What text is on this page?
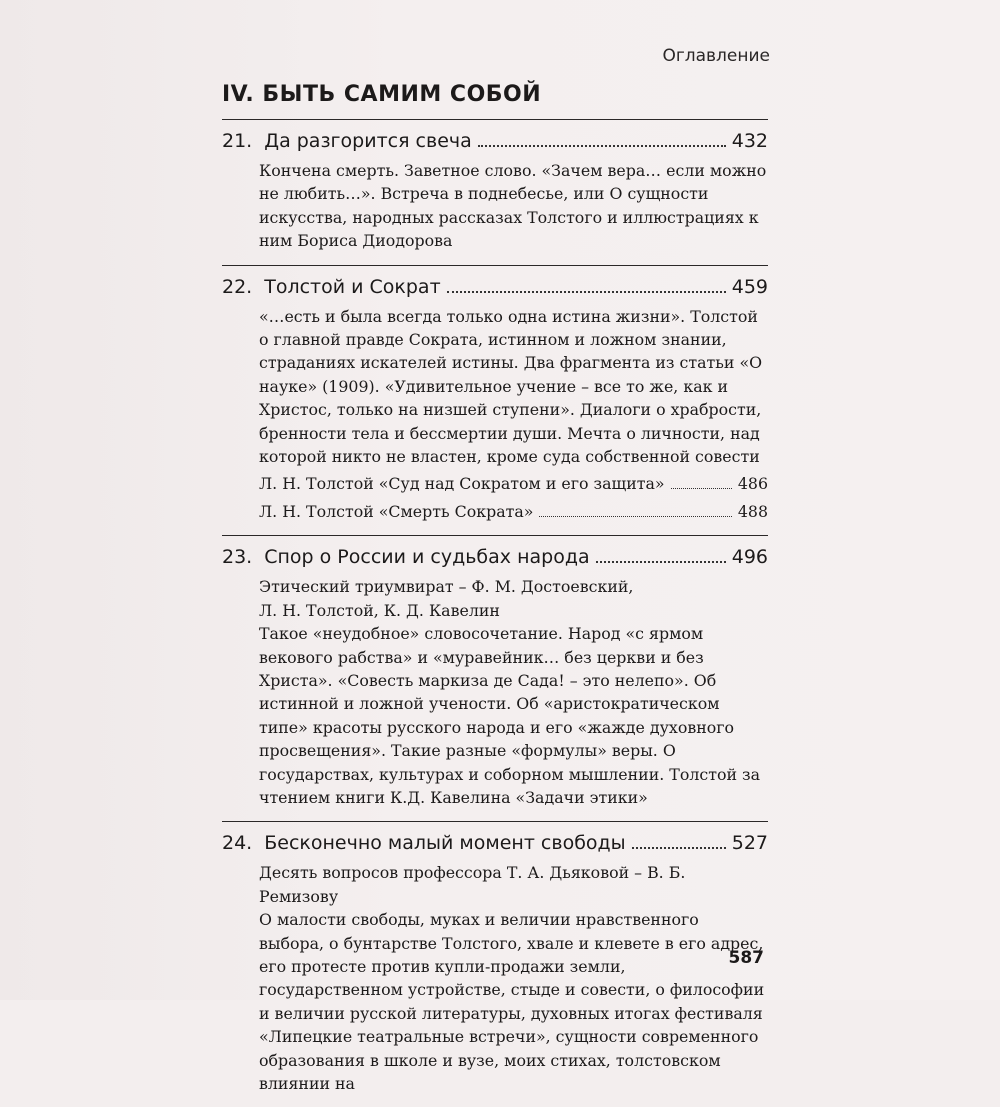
Оглавление
IV. БЫТЬ САМИМ СОБОЙ
21. Да разгорится свеча	432
Кончена смерть. Заветное слово. «Зачем вера… если можно не любить…». Встреча в поднебесье, или О сущности искусства, народных рассказах Толстого и иллюстрациях к ним Бориса Диодорова
22. Толстой и Сократ	459
«…есть и была всегда только одна истина жизни». Толстой о главной правде Сократа, истинном и ложном знании, страданиях искателей истины. Два фрагмента из статьи «О науке» (1909). «Удивительное учение – все то же, как и Христос, только на низшей ступени». Диалоги о храбрости, бренности тела и бессмертии души. Мечта о личности, над которой никто не властен, кроме суда собственной совести
Л. Н. Толстой «Суд над Сократом и его защита»	486
Л. Н. Толстой «Смерть Сократа»	488
23. Спор о России и судьбах народа	496
Этический триумвират – Ф. М. Достоевский,
Л. Н. Толстой, К. Д. Кавелин
Такое «неудобное» словосочетание. Народ «с ярмом векового рабства» и «муравейник… без церкви и без Христа». «Совесть маркиза де Сада! – это нелепо». Об истинной и ложной учености. Об «аристократическом типе» красоты русского народа и его «жажде духовного просвещения». Такие разные «формулы» веры. О государствах, культурах и соборном мышлении. Толстой за чтением книги К.Д. Кавелина «Задачи этики»
24. Бесконечно малый момент свободы	527
Десять вопросов профессора Т. А. Дьяковой – В. Б. Ремизову
О малости свободы, муках и величии нравственного выбора, о бунтарстве Толстого, хвале и клевете в его адрес, его протесте против купли-продажи земли, государственном устройстве, стыде и совести, о философии и величии русской литературы, духовных итогах фестиваля «Липецкие театральные встречи», сущности современного образования в школе и вузе, моих стихах, толстовском влиянии на
587
